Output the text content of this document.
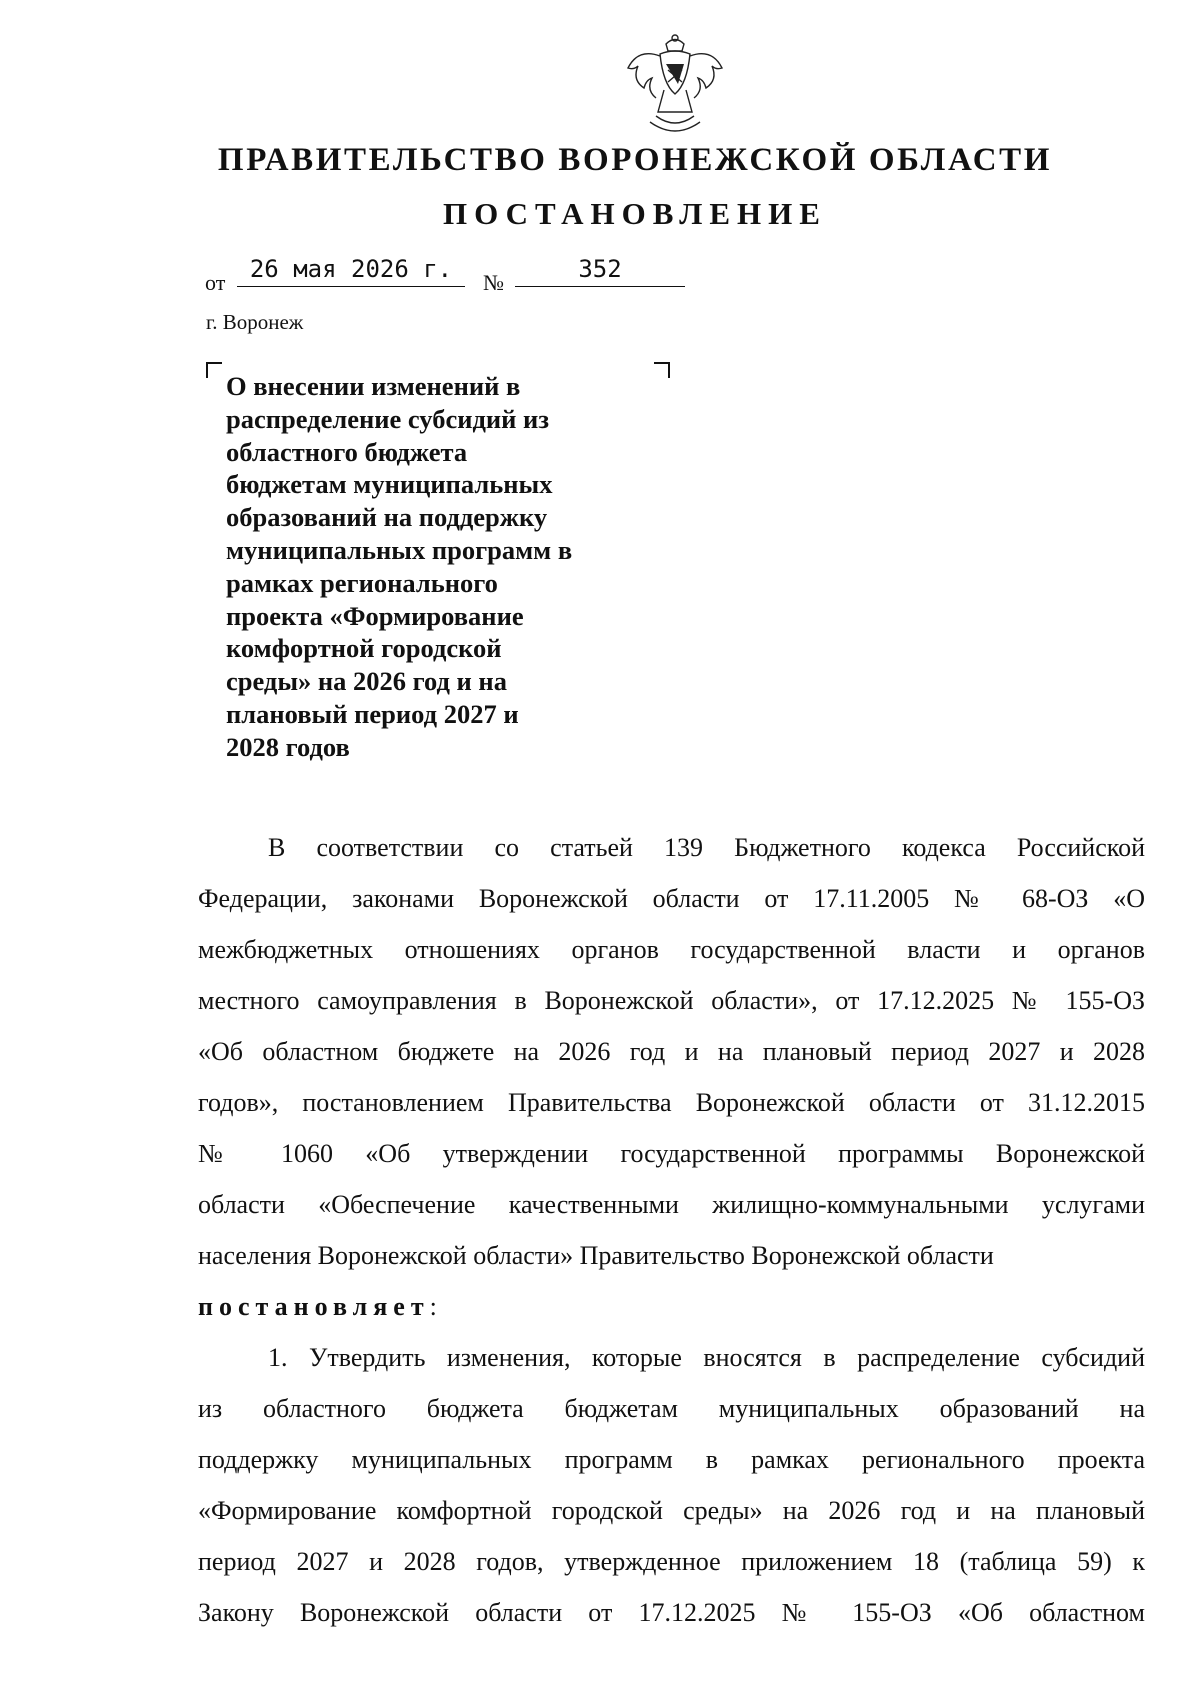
ПРАВИТЕЛЬСТВО ВОРОНЕЖСКОЙ ОБЛАСТИ
ПОСТАНОВЛЕНИЕ
от	26 мая 2026 г.	№	352
г. Воронеж
О внесении изменений в
распределение субсидий из
областного бюджета
бюджетам муниципальных
образований на поддержку
муниципальных программ в
рамках регионального
проекта «Формирование
комфортной городской
среды» на 2026 год и на
плановый период 2027 и
2028 годов
В соответствии со статьей 139 Бюджетного кодекса Российской
Федерации, законами Воронежской области от 17.11.2005 № 68-ОЗ «О
межбюджетных отношениях органов государственной власти и органов
местного самоуправления в Воронежской области», от 17.12.2025 № 155-ОЗ
«Об областном бюджете на 2026 год и на плановый период 2027 и 2028
годов», постановлением Правительства Воронежской области от 31.12.2015
№ 1060 «Об утверждении государственной программы Воронежской
области «Обеспечение качественными жилищно-коммунальными услугами
населения Воронежской области» Правительство Воронежской области
постановляет:
1. Утвердить изменения, которые вносятся в распределение субсидий
из областного бюджета бюджетам муниципальных образований на
поддержку муниципальных программ в рамках регионального проекта
«Формирование комфортной городской среды» на 2026 год и на плановый
период 2027 и 2028 годов, утвержденное приложением 18 (таблица 59) к
Закону Воронежской области от 17.12.2025 № 155-ОЗ «Об областном
